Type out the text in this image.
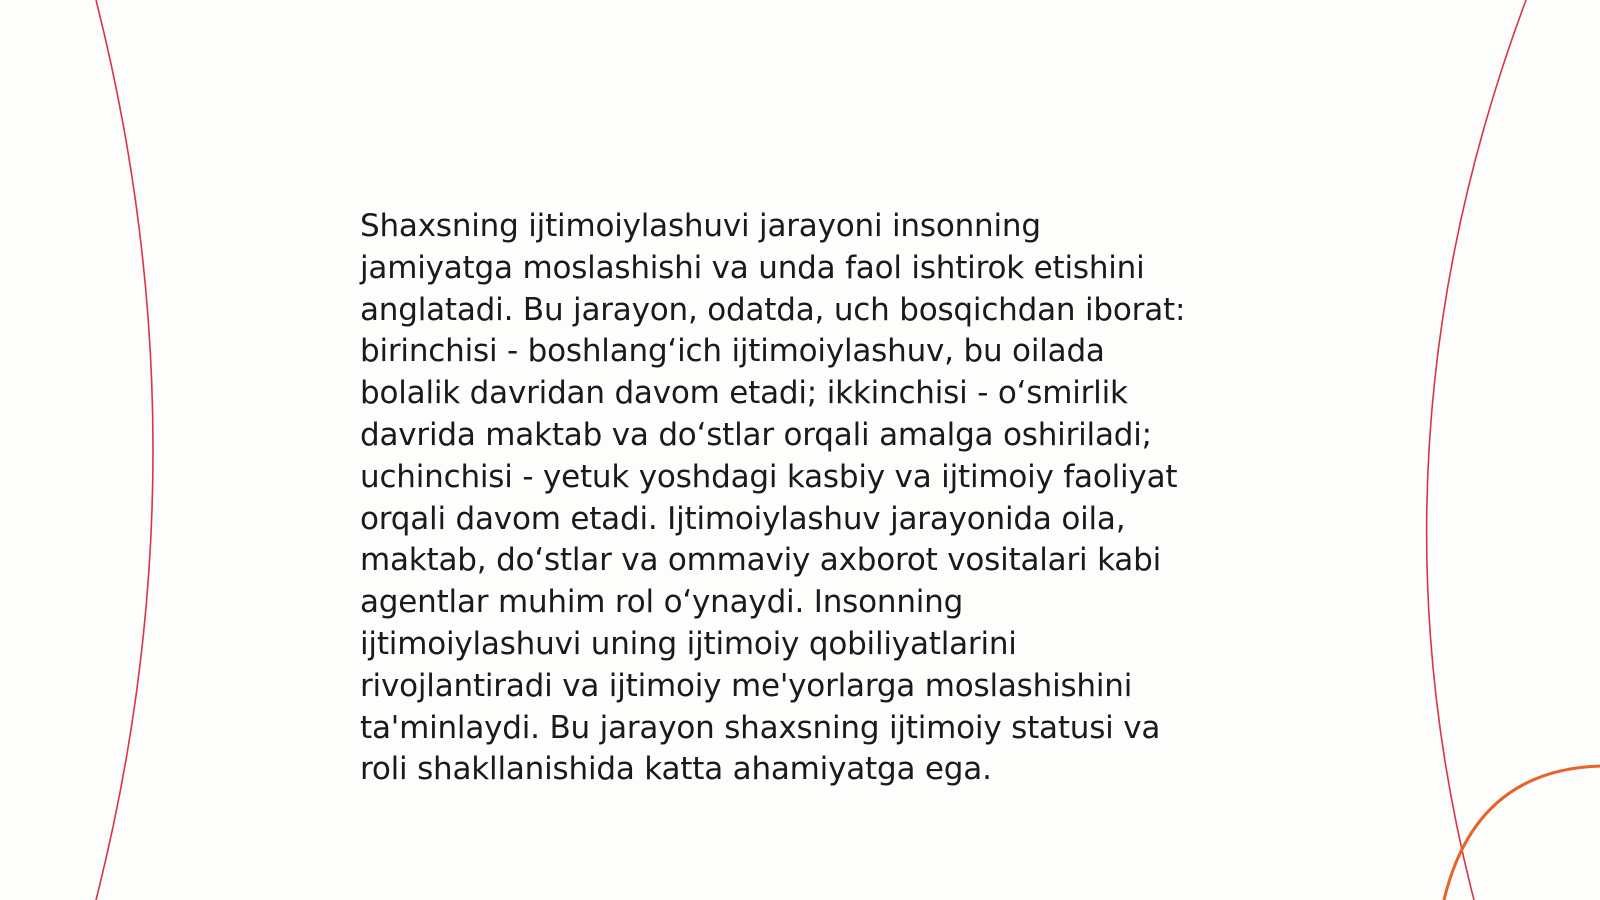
Shaxsning ijtimoiylashuvi jarayoni insonning
jamiyatga moslashishi va unda faol ishtirok etishini
anglatadi. Bu jarayon, odatda, uch bosqichdan iborat:
birinchisi - boshlang‘ich ijtimoiylashuv, bu oilada
bolalik davridan davom etadi; ikkinchisi - o‘smirlik
davrida maktab va do‘stlar orqali amalga oshiriladi;
uchinchisi - yetuk yoshdagi kasbiy va ijtimoiy faoliyat
orqali davom etadi. Ijtimoiylashuv jarayonida oila,
maktab, do‘stlar va ommaviy axborot vositalari kabi
agentlar muhim rol o‘ynaydi. Insonning
ijtimoiylashuvi uning ijtimoiy qobiliyatlarini
rivojlantiradi va ijtimoiy me'yorlarga moslashishini
ta'minlaydi. Bu jarayon shaxsning ijtimoiy statusi va
roli shakllanishida katta ahamiyatga ega.
